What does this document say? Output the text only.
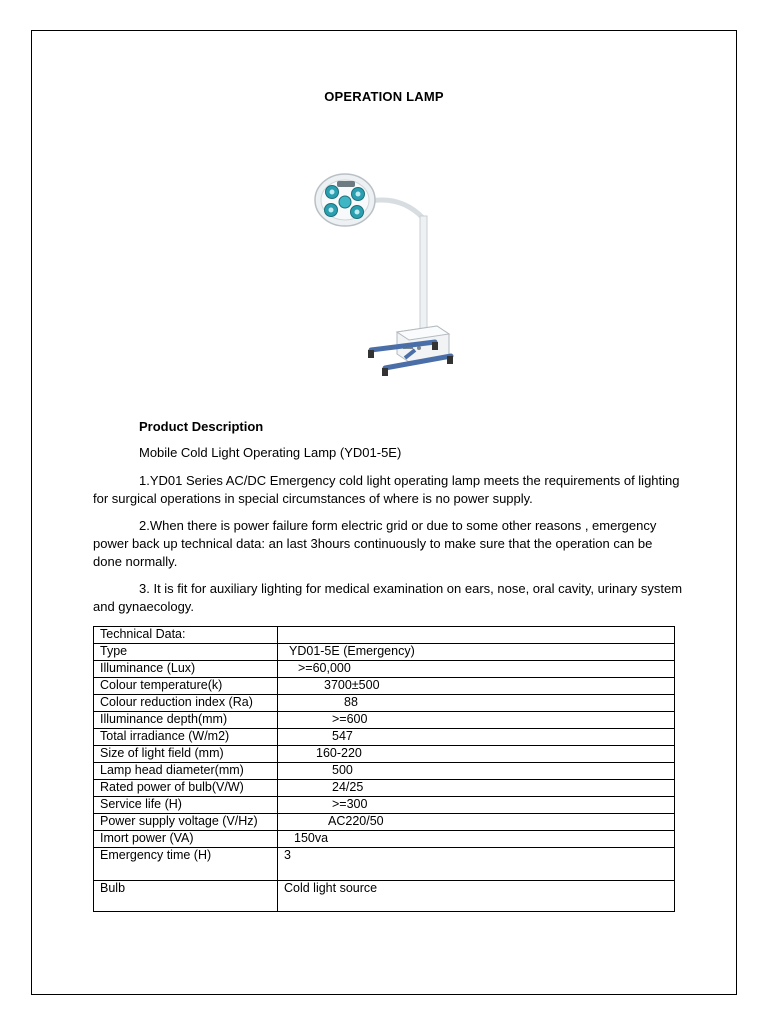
OPERATION LAMP
Product Description
Mobile Cold Light Operating Lamp (YD01-5E)
1.YD01 Series AC/DC Emergency cold light operating lamp meets the requirements of lighting for surgical operations in special circumstances of where is no power supply.
2.When there is power failure form electric grid or due to some other reasons , emergency power back up technical data: an last 3hours continuously to make sure that the operation can be done normally.
3. It is fit for auxiliary lighting for medical examination on ears, nose, oral cavity, urinary system and gynaecology.
Technical Data:	
Type	YD01-5E (Emergency)
Illuminance (Lux)	>=60,000
Colour temperature(k)	3700±500
Colour reduction index (Ra)	88
Illuminance depth(mm)	>=600
Total irradiance (W/m2)	547
Size of light field (mm)	160-220
Lamp head diameter(mm)	500
Rated power of bulb(V/W)	24/25
Service life (H)	>=300
Power supply voltage (V/Hz)	AC220/50
Imort power (VA)	150va
Emergency time (H)	3
Bulb	Cold light source
